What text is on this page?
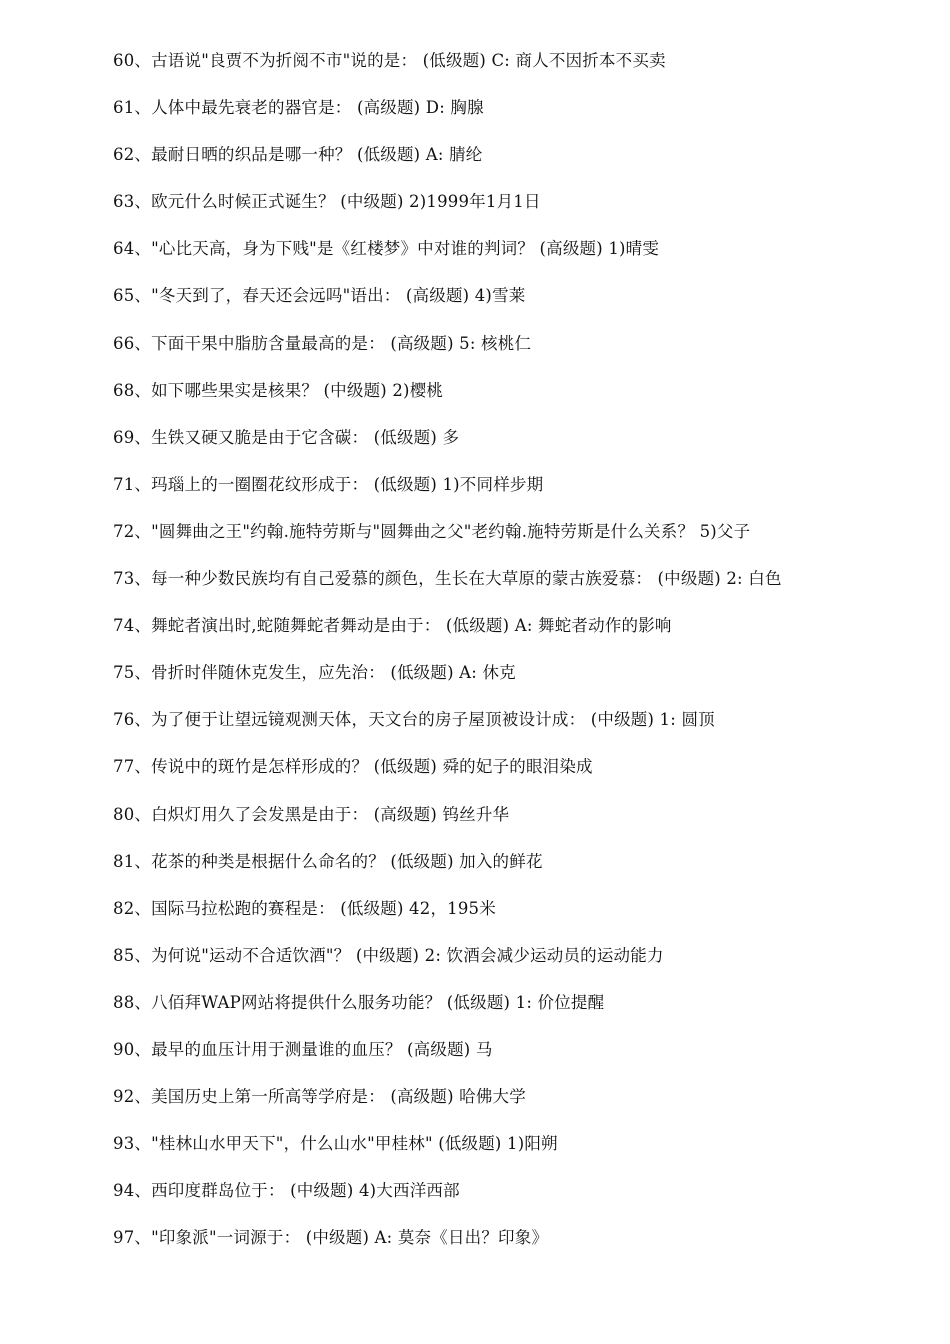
60、古语说"良贾不为折阅不市"说的是： (低级题) C: 商人不因折本不买卖
61、人体中最先衰老的器官是： (高级题) D: 胸腺
62、最耐日晒的织品是哪一种？ (低级题) A: 腈纶
63、欧元什么时候正式诞生？ (中级题) 2)1999年1月1日
64、"心比天高，身为下贱"是《红楼梦》中对谁的判词？ (高级题) 1)晴雯
65、"冬天到了，春天还会远吗"语出： (高级题) 4)雪莱
66、下面干果中脂肪含量最高的是： (高级题) 5: 核桃仁
68、如下哪些果实是核果？ (中级题) 2)樱桃
69、生铁又硬又脆是由于它含碳： (低级题) 多
71、玛瑙上的一圈圈花纹形成于： (低级题) 1)不同样步期
72、"圆舞曲之王"约翰.施特劳斯与"圆舞曲之父"老约翰.施特劳斯是什么关系？ 5)父子
73、每一种少数民族均有自己爱慕的颜色，生长在大草原的蒙古族爱慕： (中级题) 2: 白色
74、舞蛇者演出时,蛇随舞蛇者舞动是由于： (低级题) A: 舞蛇者动作的影响
75、骨折时伴随休克发生，应先治： (低级题) A: 休克
76、为了便于让望远镜观测天体，天文台的房子屋顶被设计成： (中级题) 1: 圆顶
77、传说中的斑竹是怎样形成的？ (低级题) 舜的妃子的眼泪染成
80、白炽灯用久了会发黑是由于： (高级题) 钨丝升华
81、花茶的种类是根据什么命名的？ (低级题) 加入的鲜花
82、国际马拉松跑的赛程是： (低级题) 42，195米
85、为何说"运动不合适饮酒"？ (中级题) 2: 饮酒会减少运动员的运动能力
88、八佰拜WAP网站将提供什么服务功能？ (低级题) 1: 价位提醒
90、最早的血压计用于测量谁的血压？ (高级题) 马
92、美国历史上第一所高等学府是： (高级题) 哈佛大学
93、"桂林山水甲天下"，什么山水"甲桂林" (低级题) 1)阳朔
94、西印度群岛位于： (中级题) 4)大西洋西部
97、"印象派"一词源于： (中级题) A: 莫奈《日出？印象》
